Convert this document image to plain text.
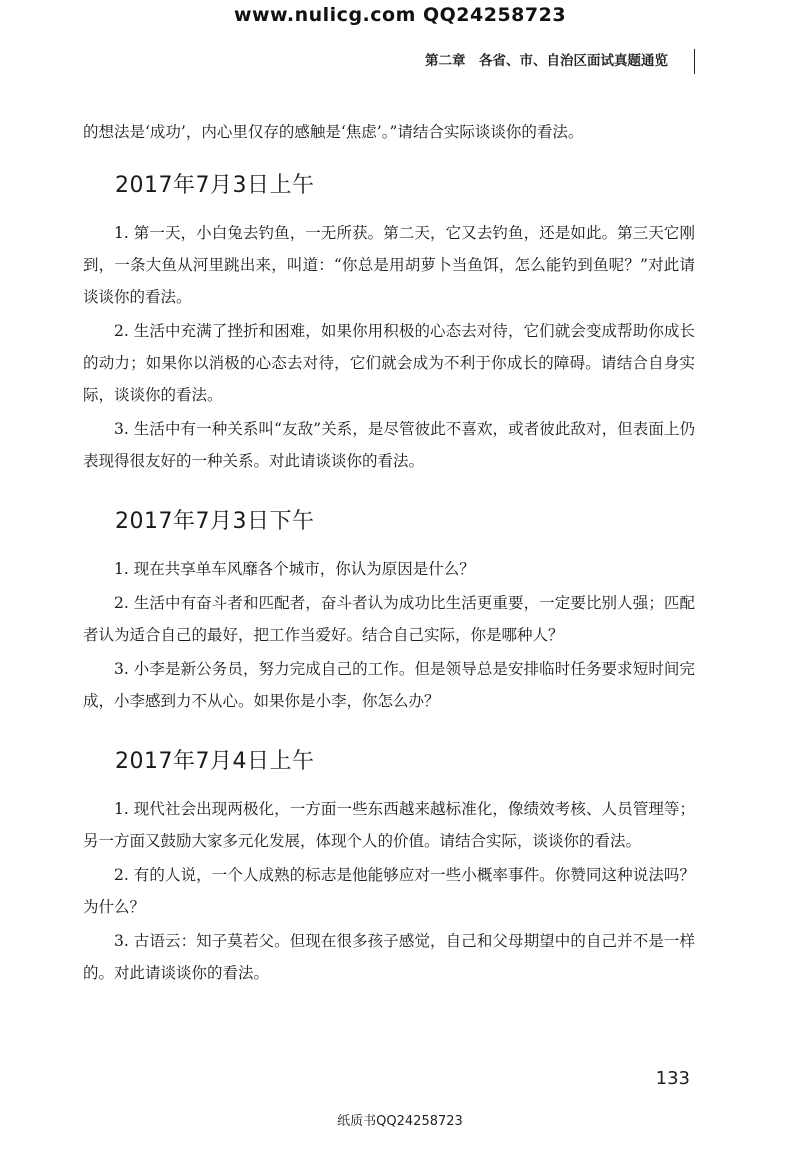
www.nulicg.com QQ24258723
第二章　各省、市、自治区面试真题通览

的想法是‘成功’，内心里仅存的感触是‘焦虑’。”请结合实际谈谈你的看法。

2017年7月3日上午

1. 第一天，小白兔去钓鱼，一无所获。第二天，它又去钓鱼，还是如此。第三天它刚到，一条大鱼从河里跳出来，叫道：“你总是用胡萝卜当鱼饵，怎么能钓到鱼呢？”对此请谈谈你的看法。

2. 生活中充满了挫折和困难，如果你用积极的心态去对待，它们就会变成帮助你成长的动力；如果你以消极的心态去对待，它们就会成为不利于你成长的障碍。请结合自身实际，谈谈你的看法。

3. 生活中有一种关系叫“友敌”关系，是尽管彼此不喜欢，或者彼此敌对，但表面上仍表现得很友好的一种关系。对此请谈谈你的看法。

2017年7月3日下午

1. 现在共享单车风靡各个城市，你认为原因是什么？

2. 生活中有奋斗者和匹配者，奋斗者认为成功比生活更重要，一定要比别人强；匹配者认为适合自己的最好，把工作当爱好。结合自己实际，你是哪种人？

3. 小李是新公务员，努力完成自己的工作。但是领导总是安排临时任务要求短时间完成，小李感到力不从心。如果你是小李，你怎么办？

2017年7月4日上午

1. 现代社会出现两极化，一方面一些东西越来越标准化，像绩效考核、人员管理等；另一方面又鼓励大家多元化发展，体现个人的价值。请结合实际，谈谈你的看法。

2. 有的人说，一个人成熟的标志是他能够应对一些小概率事件。你赞同这种说法吗？为什么？

3. 古语云：知子莫若父。但现在很多孩子感觉，自己和父母期望中的自己并不是一样的。对此请谈谈你的看法。

133
纸质书QQ24258723
